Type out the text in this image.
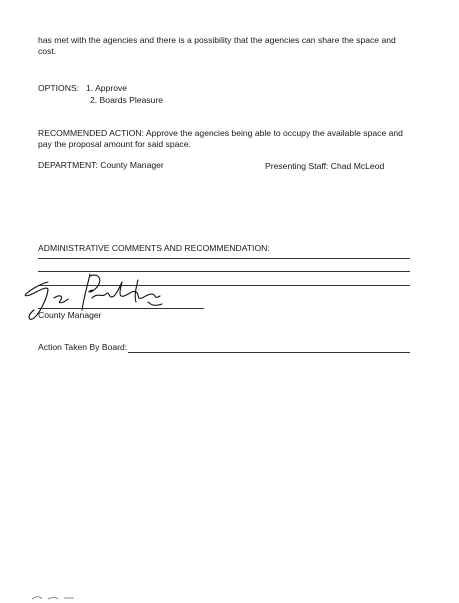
has met with the agencies and there is a possibility that the agencies can share the space and
cost.
OPTIONS: 1. Approve
2. Boards Pleasure
RECOMMENDED ACTION: Approve the agencies being able to occupy the available space and
pay the proposal amount for said space.
DEPARTMENT: County Manager	Presenting Staff: Chad McLeod
ADMINISTRATIVE COMMENTS AND RECOMMENDATION:
County Manager
Action Taken By Board:
